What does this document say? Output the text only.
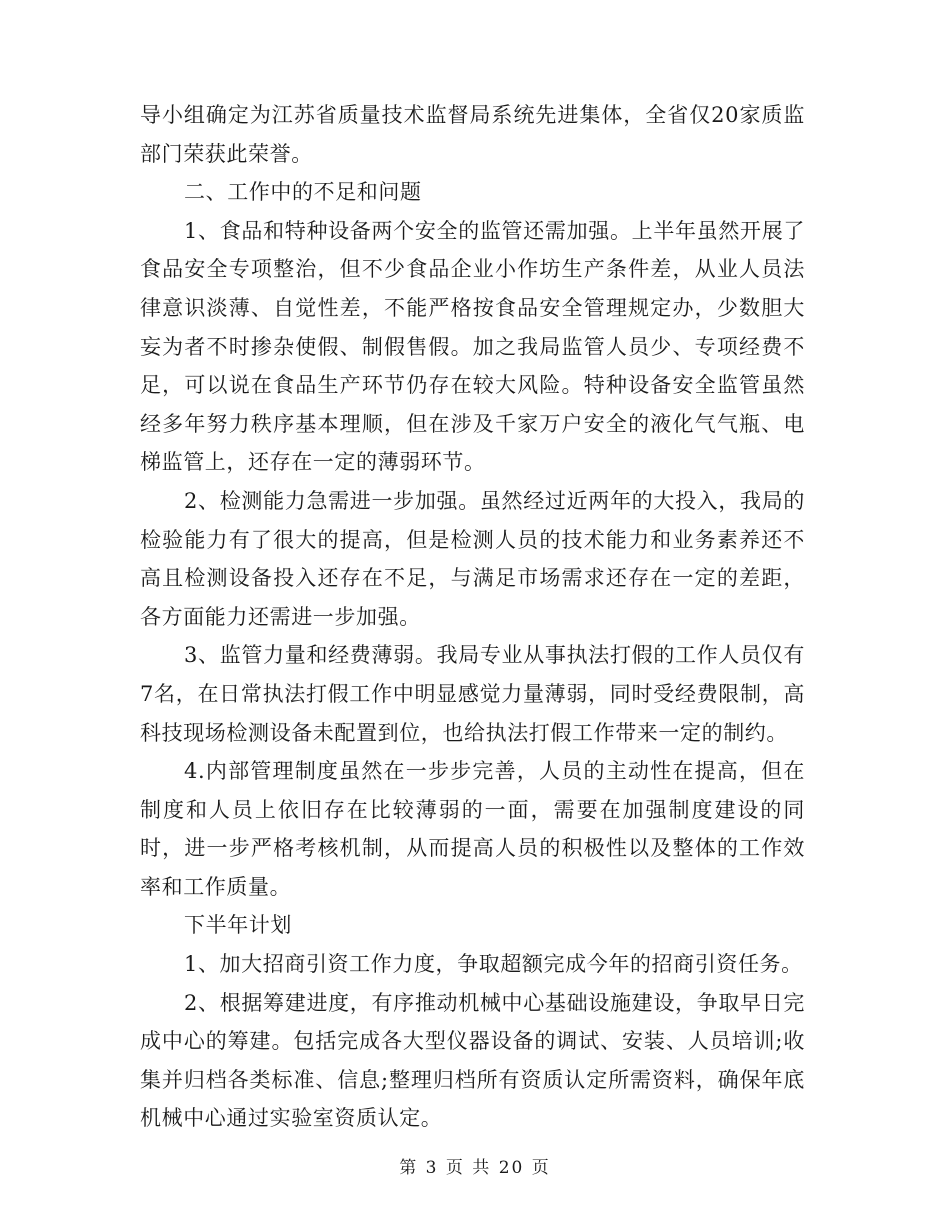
导小组确定为江苏省质量技术监督局系统先进集体，全省仅20家质监部门荣获此荣誉。

二、工作中的不足和问题

1、食品和特种设备两个安全的监管还需加强。上半年虽然开展了食品安全专项整治，但不少食品企业小作坊生产条件差，从业人员法律意识淡薄、自觉性差，不能严格按食品安全管理规定办，少数胆大妄为者不时掺杂使假、制假售假。加之我局监管人员少、专项经费不足，可以说在食品生产环节仍存在较大风险。特种设备安全监管虽然经多年努力秩序基本理顺，但在涉及千家万户安全的液化气气瓶、电梯监管上，还存在一定的薄弱环节。

2、检测能力急需进一步加强。虽然经过近两年的大投入，我局的检验能力有了很大的提高，但是检测人员的技术能力和业务素养还不高且检测设备投入还存在不足，与满足市场需求还存在一定的差距，各方面能力还需进一步加强。

3、监管力量和经费薄弱。我局专业从事执法打假的工作人员仅有7名，在日常执法打假工作中明显感觉力量薄弱，同时受经费限制，高科技现场检测设备未配置到位，也给执法打假工作带来一定的制约。

4.内部管理制度虽然在一步步完善，人员的主动性在提高，但在制度和人员上依旧存在比较薄弱的一面，需要在加强制度建设的同时，进一步严格考核机制，从而提高人员的积极性以及整体的工作效率和工作质量。

下半年计划

1、加大招商引资工作力度，争取超额完成今年的招商引资任务。

2、根据筹建进度，有序推动机械中心基础设施建设，争取早日完成中心的筹建。包括完成各大型仪器设备的调试、安装、人员培训;收集并归档各类标准、信息;整理归档所有资质认定所需资料，确保年底机械中心通过实验室资质认定。

第 3 页 共 20 页
